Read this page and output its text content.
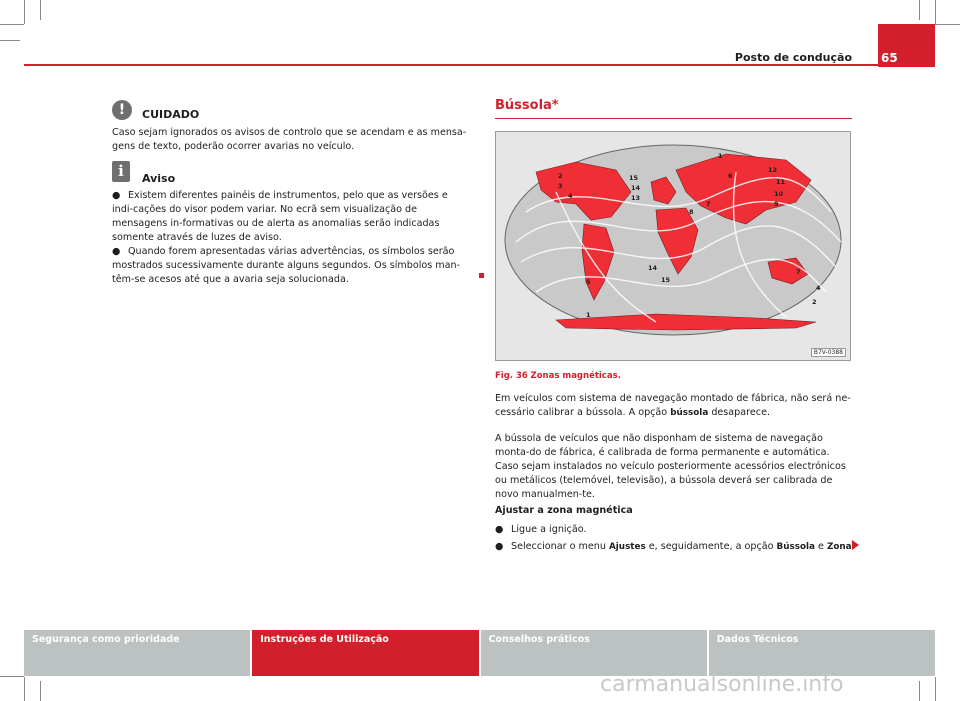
Posto de condução 65
!	CUIDADO

Caso sejam ignorados os avisos de controlo que se acendam e as mensa-gens de texto, poderão ocorrer avarias no veículo.

i	Aviso

● Existem diferentes painéis de instrumentos, pelo que as versões e indi-cações do visor podem variar. No ecrã sem visualização de mensagens in-formativas ou de alerta as anomalias serão indicadas somente através de luzes de aviso.

● Quando forem apresentadas várias advertências, os símbolos serão mostrados sucessivamente durante alguns segundos. Os símbolos man-têm-se acesos até que a avaria seja solucionada.

Bússola*
2
3
4
1
6
7
8
9
10
11
12
13
14
15
5
14
15
7
4
2
1
B7V-0388
Fig. 36 Zonas magnéticas.

Em veículos com sistema de navegação montado de fábrica, não será ne-cessário calibrar a bússola. A opção bússola desaparece.

A bússola de veículos que não disponham de sistema de navegação monta-do de fábrica, é calibrada de forma permanente e automática. Caso sejam instalados no veículo posteriormente acessórios electrónicos ou metálicos (telemóvel, televisão), a bússola deverá ser calibrada de novo manualmen-te.

Ajustar a zona magnética

● Ligue a ignição.

● Seleccionar o menu Ajustes e, seguidamente, a opção Bússola e Zona.

Segurança como prioridade	Instruções de Utilização	Conselhos práticos	Dados Técnicos
carmanualsonline.info
